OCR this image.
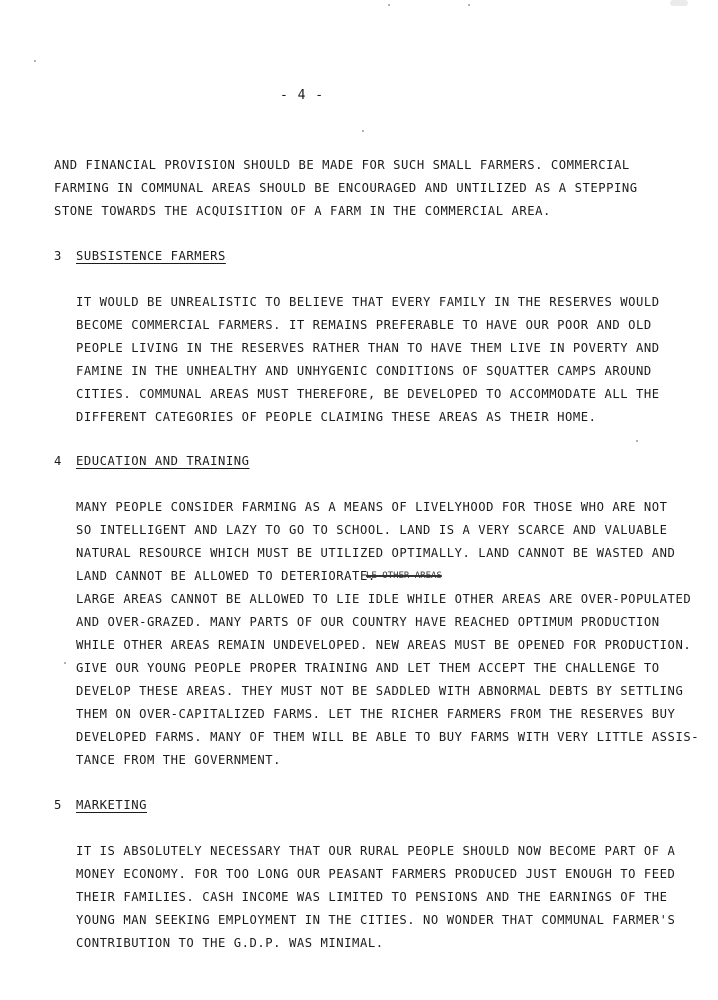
- 4 -
AND FINANCIAL PROVISION SHOULD BE MADE FOR SUCH SMALL FARMERS. COMMERCIAL
FARMING IN COMMUNAL AREAS SHOULD BE ENCOURAGED AND UNTILIZED AS A STEPPING
STONE TOWARDS THE ACQUISITION OF A FARM IN THE COMMERCIAL AREA.
3 SUBSISTENCE FARMERS
IT WOULD BE UNREALISTIC TO BELIEVE THAT EVERY FAMILY IN THE RESERVES WOULD
BECOME COMMERCIAL FARMERS. IT REMAINS PREFERABLE TO HAVE OUR POOR AND OLD
PEOPLE LIVING IN THE RESERVES RATHER THAN TO HAVE THEM LIVE IN POVERTY AND
FAMINE IN THE UNHEALTHY AND UNHYGENIC CONDITIONS OF SQUATTER CAMPS AROUND
CITIES. COMMUNAL AREAS MUST THEREFORE, BE DEVELOPED TO ACCOMMODATE ALL THE
DIFFERENT CATEGORIES OF PEOPLE CLAIMING THESE AREAS AS THEIR HOME.
4 EDUCATION AND TRAINING
MANY PEOPLE CONSIDER FARMING AS A MEANS OF LIVELYHOOD FOR THOSE WHO ARE NOT
SO INTELLIGENT AND LAZY TO GO TO SCHOOL. LAND IS A VERY SCARCE AND VALUABLE
NATURAL RESOURCE WHICH MUST BE UTILIZED OPTIMALLY. LAND CANNOT BE WASTED AND
LAND CANNOT BE ALLOWED TO DETERIORATE.
LE OTHER AREAS
LARGE AREAS CANNOT BE ALLOWED TO LIE IDLE WHILE OTHER AREAS ARE OVER-POPULATED
AND OVER-GRAZED. MANY PARTS OF OUR COUNTRY HAVE REACHED OPTIMUM PRODUCTION
WHILE OTHER AREAS REMAIN UNDEVELOPED. NEW AREAS MUST BE OPENED FOR PRODUCTION.
GIVE OUR YOUNG PEOPLE PROPER TRAINING AND LET THEM ACCEPT THE CHALLENGE TO
DEVELOP THESE AREAS. THEY MUST NOT BE SADDLED WITH ABNORMAL DEBTS BY SETTLING
THEM ON OVER-CAPITALIZED FARMS. LET THE RICHER FARMERS FROM THE RESERVES BUY
DEVELOPED FARMS. MANY OF THEM WILL BE ABLE TO BUY FARMS WITH VERY LITTLE ASSIS-
TANCE FROM THE GOVERNMENT.
5 MARKETING
IT IS ABSOLUTELY NECESSARY THAT OUR RURAL PEOPLE SHOULD NOW BECOME PART OF A
MONEY ECONOMY. FOR TOO LONG OUR PEASANT FARMERS PRODUCED JUST ENOUGH TO FEED
THEIR FAMILIES. CASH INCOME WAS LIMITED TO PENSIONS AND THE EARNINGS OF THE
YOUNG MAN SEEKING EMPLOYMENT IN THE CITIES. NO WONDER THAT COMMUNAL FARMER'S
CONTRIBUTION TO THE G.D.P. WAS MINIMAL.
